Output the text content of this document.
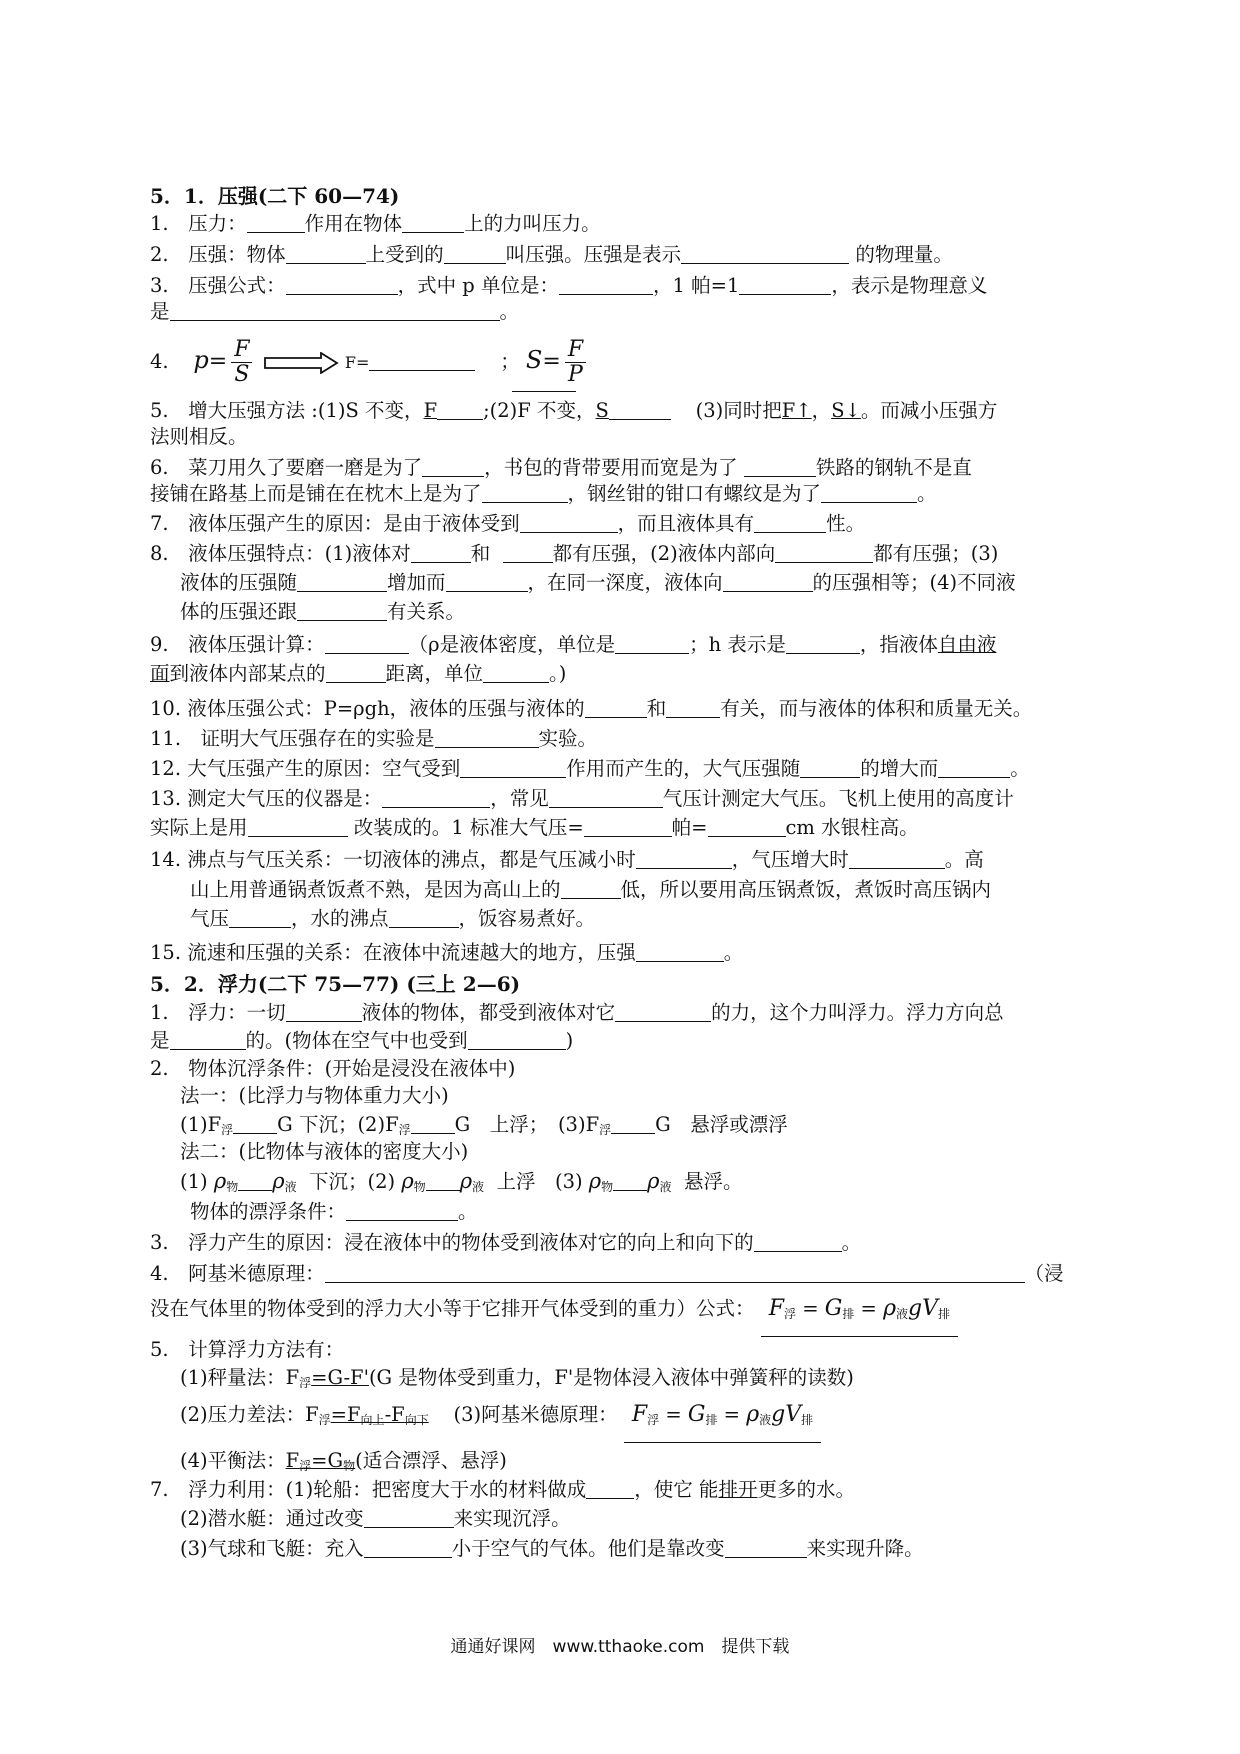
5．1．压强(二下 60—74)
1.　压力：	作用在物体	上的力叫压力。
2.　压强：物体	上受到的	叫压强。压强是表示	的物理量。
3.　压强公式：	，式中 p 单位是：	，1 帕=1	，表示是物理意义
是	。
4. $p= \frac{F}{S}$	F=	； $S= \frac{F}{P}$
5.　增大压强方法 :(1)S 不变，F ;(2)F 不变，S	(3)同时把F↑，S↓。而减小压强方
法则相反。
6.　菜刀用久了要磨一磨是为了	，书包的背带要用而宽是为了	铁路的钢轨不是直
接铺在路基上而是铺在在枕木上是为了	，钢丝钳的钳口有螺纹是为了	。
7.　液体压强产生的原因：是由于液体受到	，而且液体具有	性。
8.　液体压强特点：(1)液体对	和	都有压强，(2)液体内部向	都有压强；(3)
液体的压强随	增加而	，在同一深度，液体向	的压强相等；(4)不同液
体的压强还跟	有关系。
9.　液体压强计算：	（ρ是液体密度，单位是	；h 表示是	，指液体自由液
面到液体内部某点的	距离，单位	。)
10. 液体压强公式：P=ρgh，液体的压强与液体的	和	有关，而与液体的体积和质量无关。
11.　证明大气压强存在的实验是	实验。
12. 大气压强产生的原因：空气受到	作用而产生的，大气压强随	的增大而	。
13. 测定大气压的仪器是：	，常见	气压计测定大气压。飞机上使用的高度计
实际上是用	改装成的。1 标准大气压=	帕=	cm 水银柱高。
14. 沸点与气压关系：一切液体的沸点，都是气压减小时	，气压增大时	。高
山上用普通锅煮饭煮不熟，是因为高山上的	低，所以要用高压锅煮饭，煮饭时高压锅内
气压	，水的沸点	，饭容易煮好。
15. 流速和压强的关系：在液体中流速越大的地方，压强	。
5．2．浮力(二下 75—77) (三上 2—6)
1.　浮力：一切	液体的物体，都受到液体对它	的力，这个力叫浮力。浮力方向总
是	的。(物体在空气中也受到	)
2.　物体沉浮条件：(开始是浸没在液体中)
法一：(比浮力与物体重力大小)
$(1)F_浮$ G 下沉；$(2)F_浮$ G　上浮；　$(3)F_浮$ G　悬浮或漂浮
法二：(比物体与液体的密度大小)
(1) $\rho_物$ $\rho_液$ 下沉；(2) $\rho_物$ $\rho_液$ 上浮　(3) $\rho_物$ $\rho_液$ 悬浮。
物体的漂浮条件：	。
3.　浮力产生的原因：浸在液体中的物体受到液体对它的向上和向下的	。
4.　阿基米德原理：	（浸
没在气体里的物体受到的浮力大小等于它排开气体受到的重力）公式： $F_浮 = G_排 = \rho_液gV_排$
5.　计算浮力方法有：
(1)秤量法：$F_浮=G-F'(G$ 是物体受到重力，F'是物体浸入液体中弹簧秤的读数)
(2)压力差法：$F_浮=F_{向上}-F_{向下}$ (3)阿基米德原理： $F_浮 = G_排 = \rho_液gV_排$
(4)平衡法：$F_浮=G_物$(适合漂浮、悬浮)
7.　浮力利用：(1)轮船：把密度大于水的材料做成 ，使它 能排开更多的水。
(2)潜水艇：通过改变	来实现沉浮。
(3)气球和飞艇：充入	小于空气的气体。他们是靠改变	来实现升降。
通通好课网　www.tthaoke.com　提供下载
